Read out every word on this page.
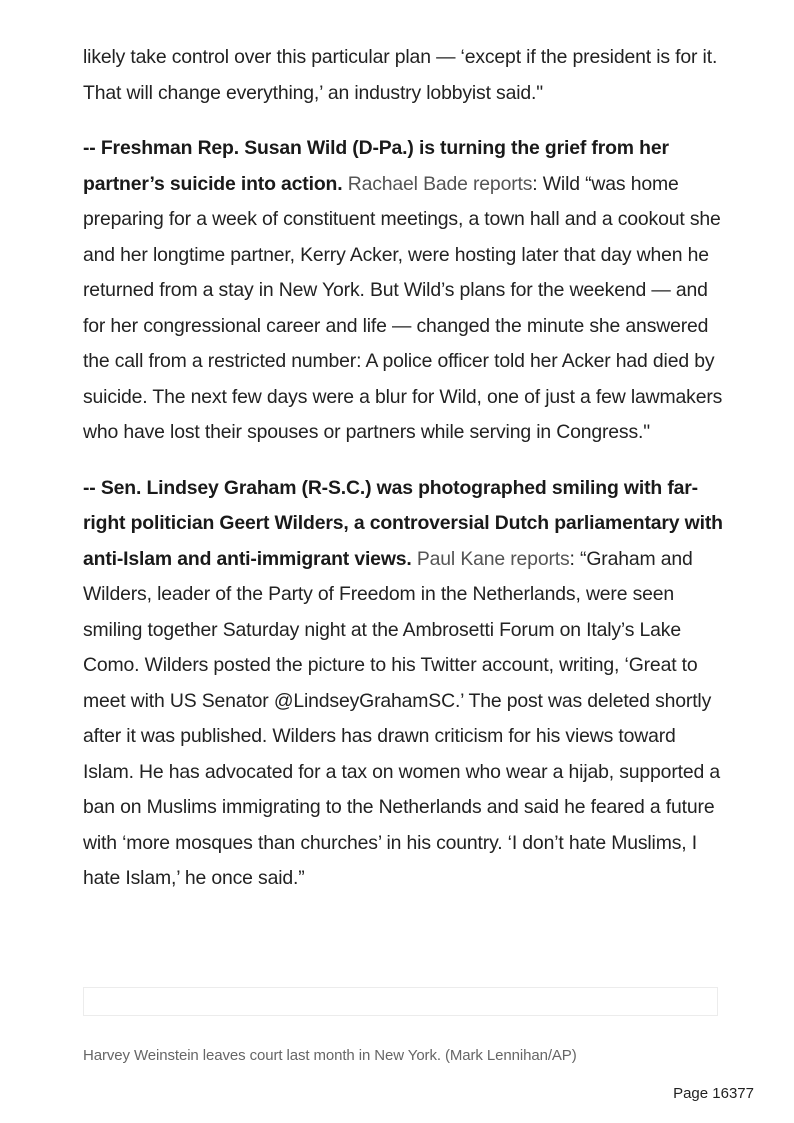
likely take control over this particular plan — ‘except if the president is for it. That will change everything,’ an industry lobbyist said."

-- Freshman Rep. Susan Wild (D-Pa.) is turning the grief from her partner’s suicide into action. Rachael Bade reports: Wild “was home preparing for a week of constituent meetings, a town hall and a cookout she and her longtime partner, Kerry Acker, were hosting later that day when he returned from a stay in New York. But Wild’s plans for the weekend — and for her congressional career and life — changed the minute she answered the call from a restricted number: A police officer told her Acker had died by suicide. The next few days were a blur for Wild, one of just a few lawmakers who have lost their spouses or partners while serving in Congress."

-- Sen. Lindsey Graham (R-S.C.) was photographed smiling with far-right politician Geert Wilders, a controversial Dutch parliamentary with anti-Islam and anti-immigrant views. Paul Kane reports: “Graham and Wilders, leader of the Party of Freedom in the Netherlands, were seen smiling together Saturday night at the Ambrosetti Forum on Italy’s Lake Como. Wilders posted the picture to his Twitter account, writing, ‘Great to meet with US Senator @LindseyGrahamSC.’ The post was deleted shortly after it was published. Wilders has drawn criticism for his views toward Islam. He has advocated for a tax on women who wear a hijab, supported a ban on Muslims immigrating to the Netherlands and said he feared a future with ‘more mosques than churches’ in his country. ‘I don’t hate Muslims, I hate Islam,’ he once said.”

Harvey Weinstein leaves court last month in New York. (Mark Lennihan/AP)
Page 16377
